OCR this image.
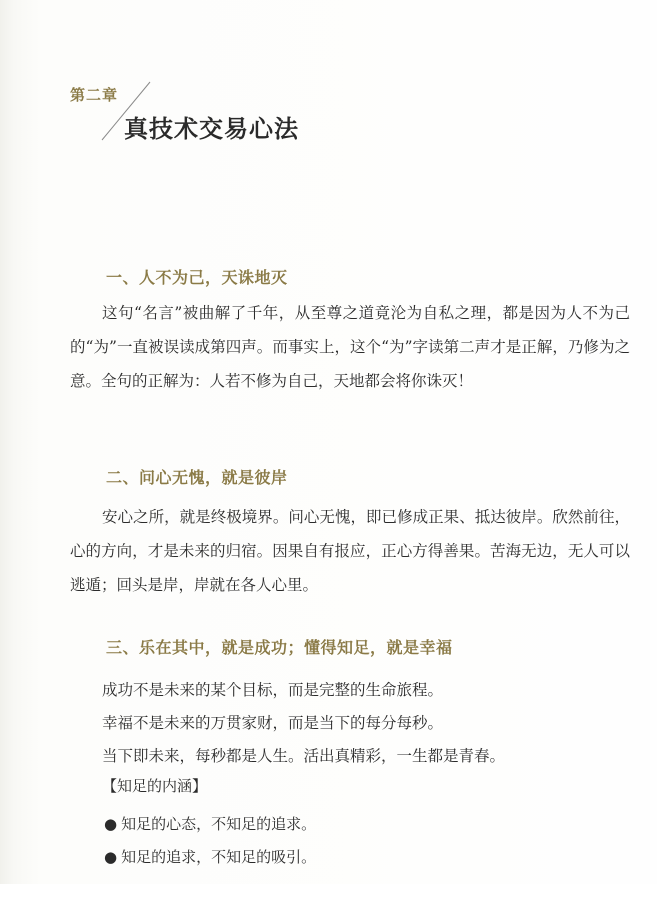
第二章
真技术交易心法
一、人不为己，天诛地灭

这句“名言”被曲解了千年，从至尊之道竟沦为自私之理，都是因为人不为己的“为”一直被误读成第四声。而事实上，这个“为”字读第二声才是正解，乃修为之意。全句的正解为：人若不修为自己，天地都会将你诛灭！

二、问心无愧，就是彼岸

安心之所，就是终极境界。问心无愧，即已修成正果、抵达彼岸。欣然前往，心的方向，才是未来的归宿。因果自有报应，正心方得善果。苦海无边，无人可以逃遁；回头是岸，岸就在各人心里。

三、乐在其中，就是成功；懂得知足，就是幸福
成功不是未来的某个目标，而是完整的生命旅程。
幸福不是未来的万贯家财，而是当下的每分每秒。
当下即未来，每秒都是人生。活出真精彩，一生都是青春。
【知足的内涵】
● 知足的心态，不知足的追求。
● 知足的追求，不知足的吸引。
